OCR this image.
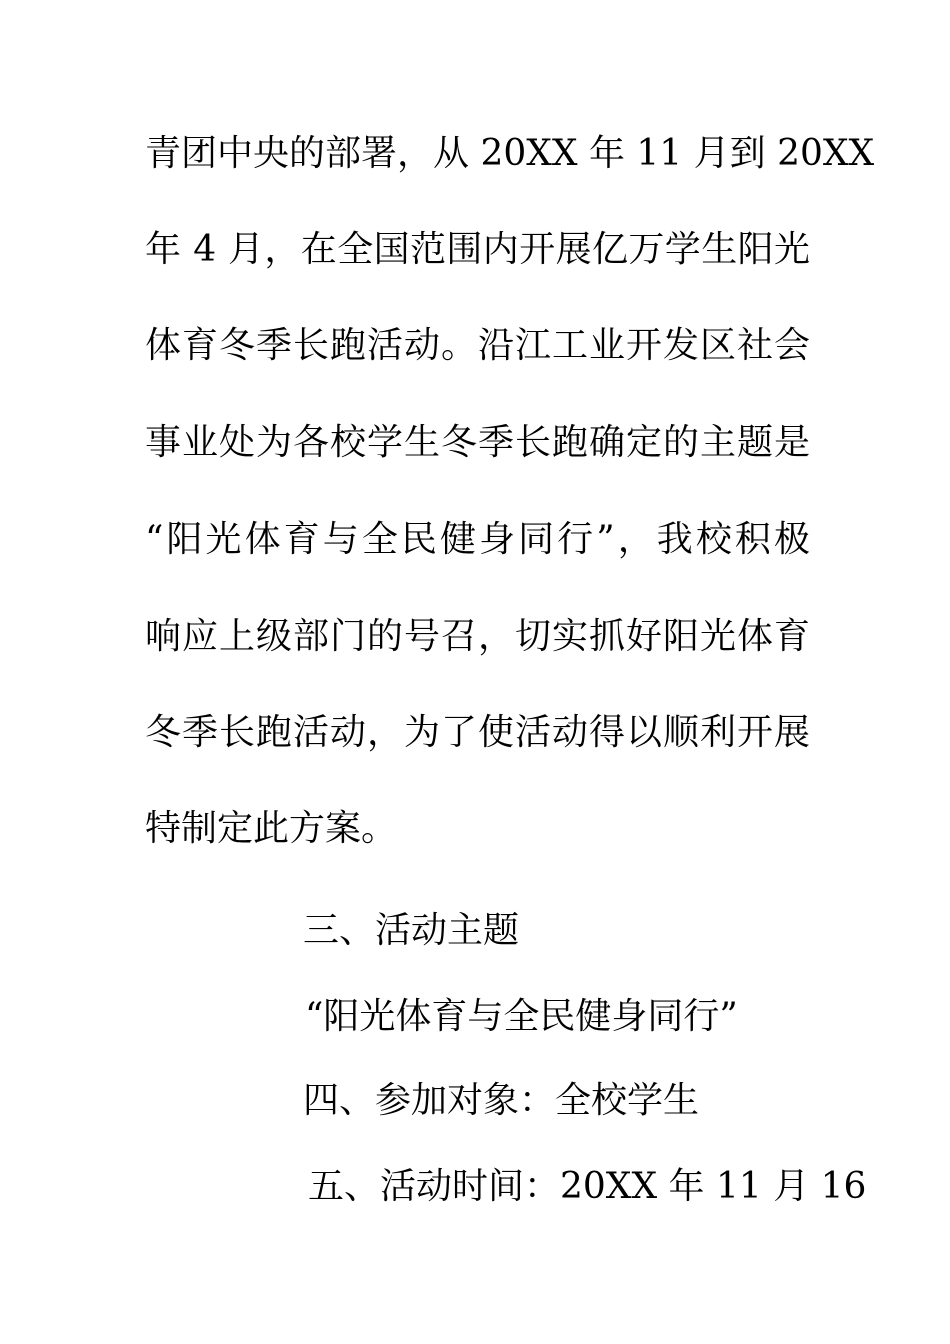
青团中央的部署，从 20XX 年 11 月到 20XX
年 4 月，在全国范围内开展亿万学生阳光
体育冬季长跑活动。沿江工业开发区社会
事业处为各校学生冬季长跑确定的主题是
“阳光体育与全民健身同行”，我校积极
响应上级部门的号召，切实抓好阳光体育
冬季长跑活动，为了使活动得以顺利开展
特制定此方案。
三、活动主题
“阳光体育与全民健身同行”
四、参加对象：全校学生
五、活动时间：20XX 年 11 月 16
